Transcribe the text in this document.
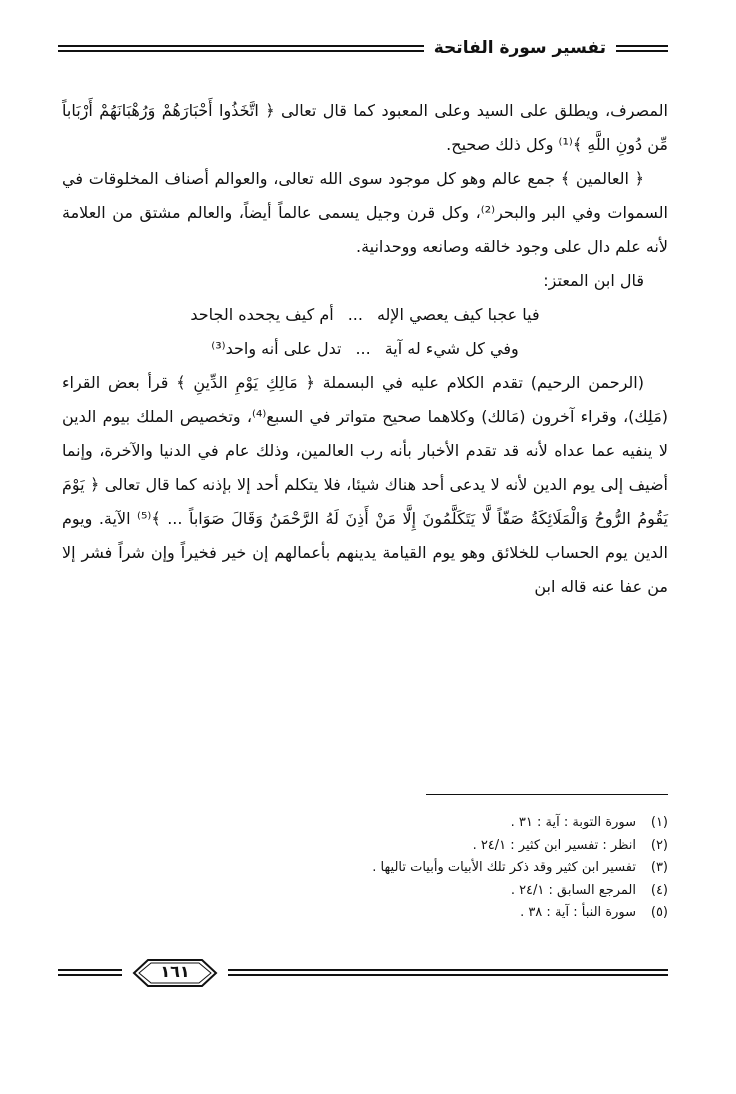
تفسير سورة الفاتحة

المصرف، ويطلق على السيد وعلى المعبود كما قال تعالى ﴿ اتَّخَذُوا أَحْبَارَهُمْ وَرُهْبَانَهُمْ أَرْبَاباً مِّن دُونِ اللَّهِ ﴾⁽¹⁾ وكل ذلك صحيح.

﴿ العالمين ﴾ جمع عالم وهو كل موجود سوى الله تعالى، والعوالم أصناف المخلوقات في السموات وفي البر والبحر⁽²⁾، وكل قرن وجيل يسمى عالماً أيضاً، والعالم مشتق من العلامة لأنه علم دال على وجود خالقه وصانعه ووحدانية.

قال ابن المعتز:

فيا عجبا كيف يعصي الإله...أم كيف يجحده الجاحد

وفي كل شيء له آية...تدل على أنه واحد⁽³⁾

(الرحمن الرحيم) تقدم الكلام عليه في البسملة ﴿ مَالِكِ يَوْمِ الدِّينِ ﴾ قرأ بعض القراء (مَلِك)، وقراء آخرون (مَالك) وكلاهما صحيح متواتر في السبع⁽⁴⁾، وتخصيص الملك بيوم الدين لا ينفيه عما عداه لأنه قد تقدم الأخبار بأنه رب العالمين، وذلك عام في الدنيا والآخرة، وإنما أضيف إلى يوم الدين لأنه لا يدعى أحد هناك شيئا، فلا يتكلم أحد إلا بإذنه كما قال تعالى ﴿ يَوْمَ يَقُومُ الرُّوحُ وَالْمَلَائِكَةُ صَفّاً لَّا يَتَكَلَّمُونَ إِلَّا مَنْ أَذِنَ لَهُ الرَّحْمَنُ وَقَالَ صَوَاباً ... ﴾⁽⁵⁾ الآية. ويوم الدين يوم الحساب للخلائق وهو يوم القيامة يدينهم بأعمالهم إن خير فخيراً وإن شراً فشر إلا من عفا عنه قاله ابن

(١)
سورة التوبة : آية : ٣١ .
(٢)
انظر : تفسير ابن كثير : ٢٤/١ .
(٣)
تفسير ابن كثير وقد ذكر تلك الأبيات وأبيات تاليها .
(٤)
المرجع السابق : ٢٤/١ .
(٥)
سورة النبأ : آية : ٣٨ .
١٦١
